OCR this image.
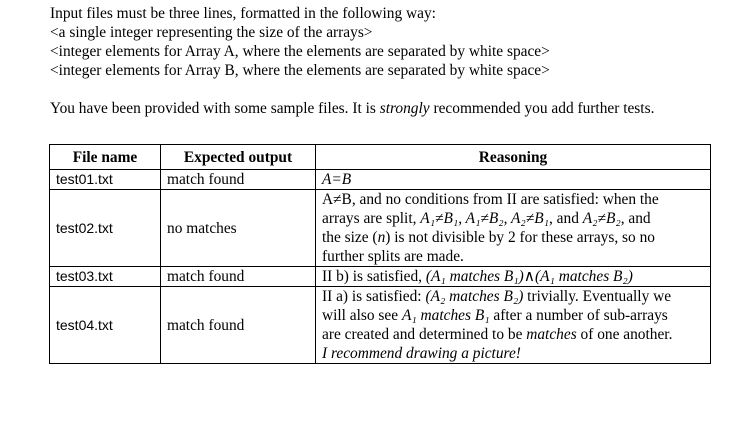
Input files must be three lines, formatted in the following way:
<a single integer representing the size of the arrays>
<integer elements for Array A, where the elements are separated by white space>
<integer elements for Array B, where the elements are separated by white space>
You have been provided with some sample files. It is strongly recommended you add further tests.
File name	Expected output	Reasoning
test01.txt	match found	A=B
test02.txt	no matches	A≠B, and no conditions from II are satisfied: when the
arrays are split, A₁≠B₁, A₁≠B₂, A₂≠B₁, and A₂≠B₂, and
the size (n) is not divisible by 2 for these arrays, so no
further splits are made.

test03.txt	match found	II b) is satisfied, (A₁ matches B₁)∧(A₁ matches B₂)
test04.txt	match found	II a) is satisfied: (A₂ matches B₂) trivially. Eventually we
will also see A₁ matches B₁ after a number of sub-arrays
are created and determined to be matches of one another.
I recommend drawing a picture!
